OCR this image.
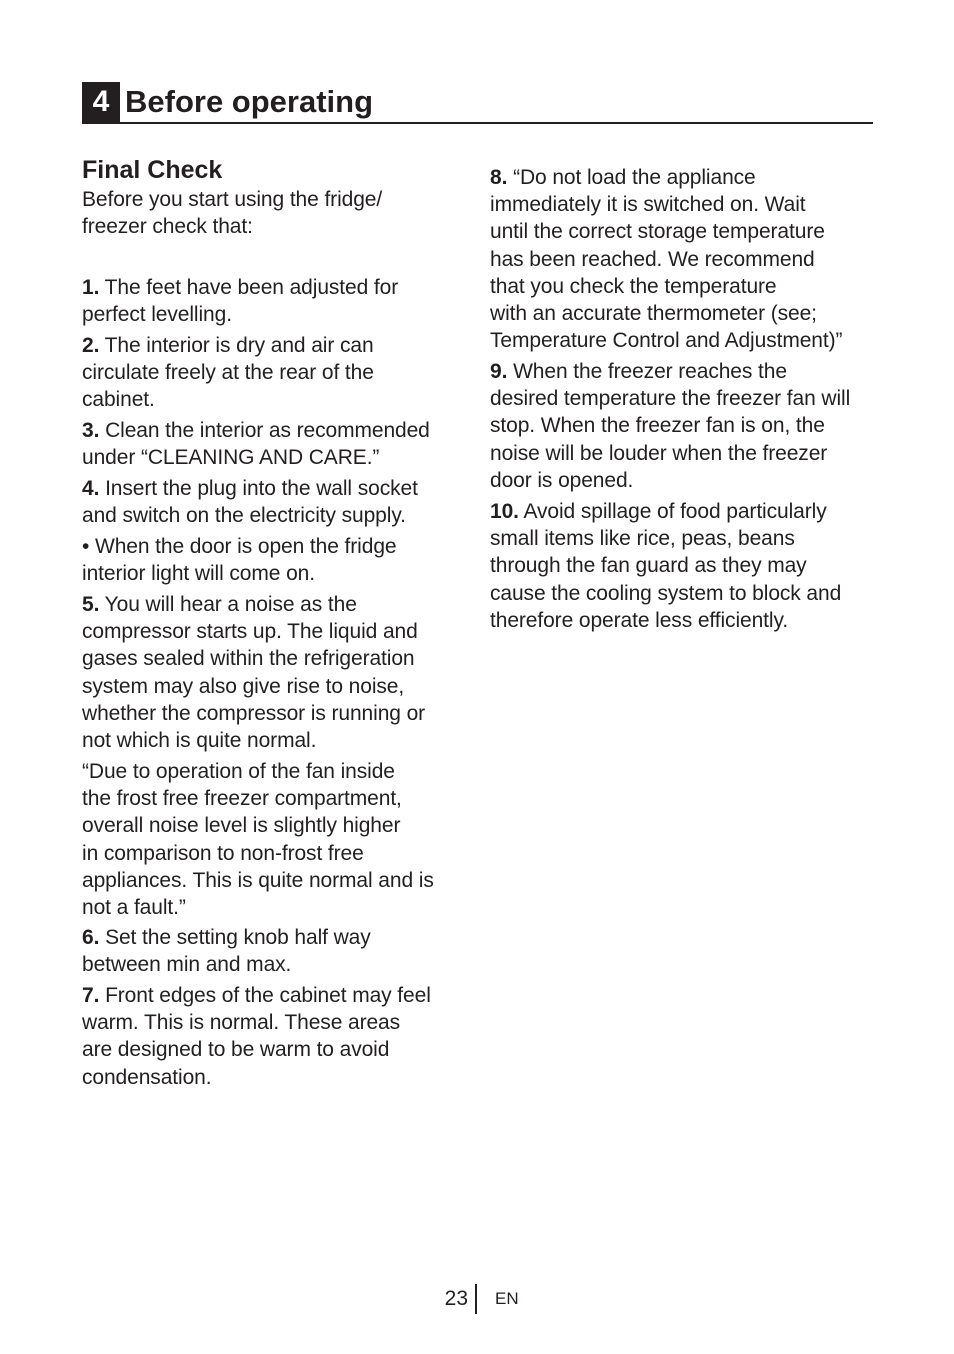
4 Before operating
Final Check
Before you start using the fridge/
freezer check that:
1. The feet have been adjusted for
perfect levelling.
2. The interior is dry and air can
circulate freely at the rear of the
cabinet.
3. Clean the interior as recommended
under “CLEANING AND CARE.”
4. Insert the plug into the wall socket
and switch on the electricity supply.
• When the door is open the fridge
interior light will come on.
5. You will hear a noise as the
compressor starts up. The liquid and
gases sealed within the refrigeration
system may also give rise to noise,
whether the compressor is running or
not which is quite normal.
“Due to operation of the fan inside
the frost free freezer compartment,
overall noise level is slightly higher
in comparison to non-frost free
appliances. This is quite normal and is
not a fault.”
6. Set the setting knob half way
between min and max.
7. Front edges of the cabinet may feel
warm. This is normal. These areas
are designed to be warm to avoid
condensation.
8. “Do not load the appliance
immediately it is switched on. Wait
until the correct storage temperature
has been reached. We recommend
that you check the temperature
with an accurate thermometer (see;
Temperature Control and Adjustment)”
9. When the freezer reaches the
desired temperature the freezer fan will
stop. When the freezer fan is on, the
noise will be louder when the freezer
door is opened.
10. Avoid spillage of food particularly
small items like rice, peas, beans
through the fan guard as they may
cause the cooling system to block and
therefore operate less efficiently.
23 EN
